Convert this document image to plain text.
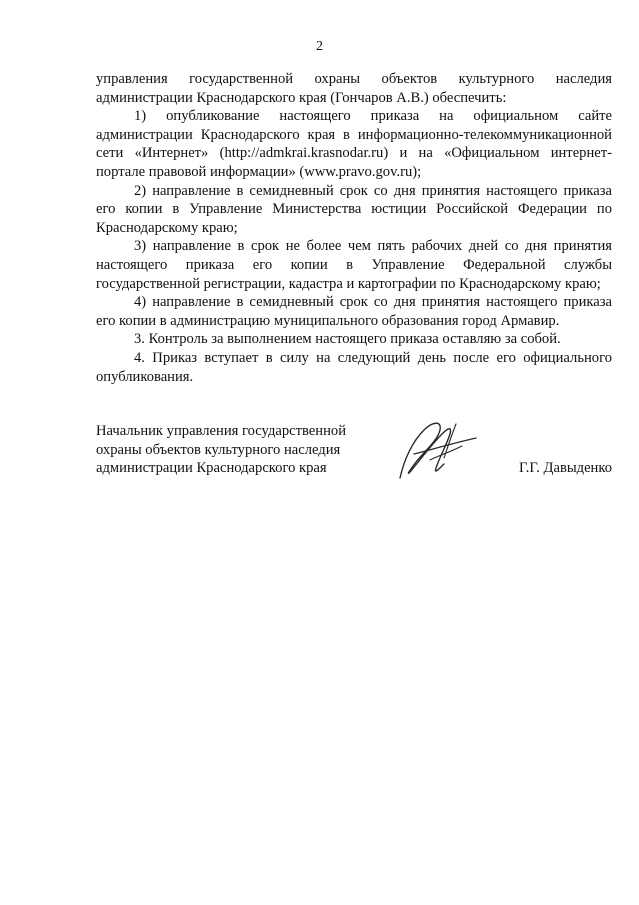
2

управления государственной охраны объектов культурного наследия администрации Краснодарского края (Гончаров А.В.) обеспечить:

1) опубликование настоящего приказа на официальном сайте администрации Краснодарского края в информационно-телекоммуникационной сети «Интернет» (http://admkrai.krasnodar.ru) и на «Официальном интернет-портале правовой информации» (www.pravo.gov.ru);

2) направление в семидневный срок со дня принятия настоящего приказа его копии в Управление Министерства юстиции Российской Федерации по Краснодарскому краю;

3) направление в срок не более чем пять рабочих дней со дня принятия настоящего приказа его копии в Управление Федеральной службы государственной регистрации, кадастра и картографии по Краснодарскому краю;

4) направление в семидневный срок со дня принятия настоящего приказа его копии в администрацию муниципального образования город Армавир.

3. Контроль за выполнением настоящего приказа оставляю за собой.

4. Приказ вступает в силу на следующий день после его официального опубликования.

Начальник управления государственной
охраны объектов культурного наследия
администрации Краснодарского края	Г.Г. Давыденко
